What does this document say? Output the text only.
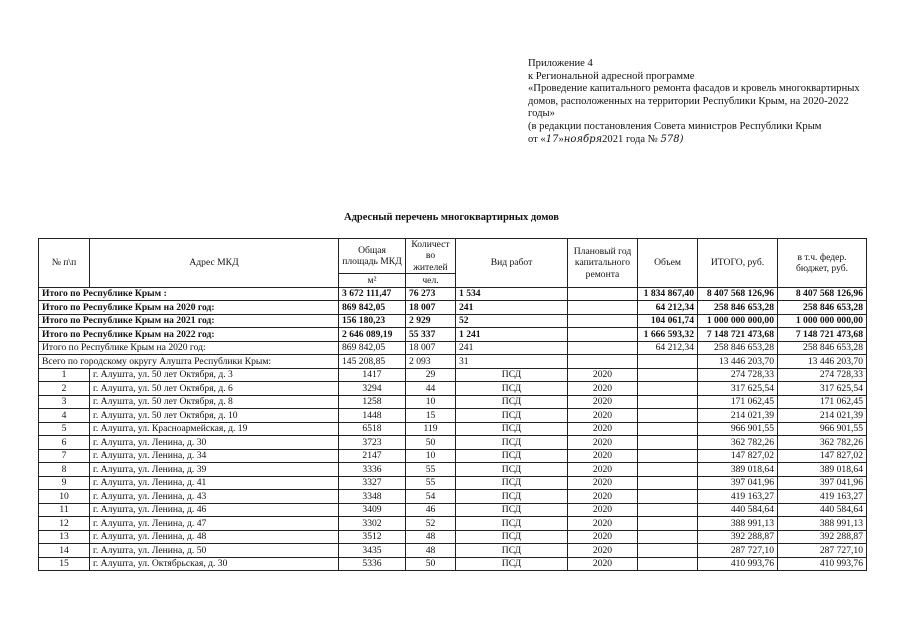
Приложение 4
к Региональной адресной программе
«Проведение капитального ремонта фасадов и кровель многоквартирных
домов, расположенных на территории Республики Крым, на 2020-2022
годы»
(в редакции постановления Совета министров Республики Крым
от «17»ноября2021 года № 578)
Адресный перечень многоквартирных домов
№ п\п	Адрес МКД	Общая площадь МКД	Количест во жителей	Вид работ	Плановый год капитального ремонта	Объем	ИТОГО, руб.	в т.ч. федер. бюджет, руб.
		м²	чел.					
Итого по Республике Крым :		3 672 111,47	76 273	1 534		1 834 867,40	8 407 568 126,96	8 407 568 126,96
Итого по Республике Крым на 2020 год:		869 842,05	18 007	241		64 212,34	258 846 653,28	258 846 653,28
Итого по Республике Крым на 2021 год:		156 180,23	2 929	52		104 061,74	1 000 000 000,00	1 000 000 000,00
Итого по Республике Крым на 2022 год:		2 646 089,19	55 337	1 241		1 666 593,32	7 148 721 473,68	7 148 721 473,68
Итого по Республике Крым на 2020 год:		869 842,05	18 007	241		64 212,34	258 846 653,28	258 846 653,28
Всего по городскому округу Алушта Республики Крым:		145 208,85	2 093	31			13 446 203,70	13 446 203,70
1	г. Алушта, ул. 50 лет Октября, д. 3	1417	29	ПСД	2020		274 728,33	274 728,33
2	г. Алушта, ул. 50 лет Октября, д. 6	3294	44	ПСД	2020		317 625,54	317 625,54
3	г. Алушта, ул. 50 лет Октября, д. 8	1258	10	ПСД	2020		171 062,45	171 062,45
4	г. Алушта, ул. 50 лет Октября, д. 10	1448	15	ПСД	2020		214 021,39	214 021,39
5	г. Алушта, ул. Красноармейская, д. 19	6518	119	ПСД	2020		966 901,55	966 901,55
6	г. Алушта, ул. Ленина, д. 30	3723	50	ПСД	2020		362 782,26	362 782,26
7	г. Алушта, ул. Ленина, д. 34	2147	10	ПСД	2020		147 827,02	147 827,02
8	г. Алушта, ул. Ленина, д. 39	3336	55	ПСД	2020		389 018,64	389 018,64
9	г. Алушта, ул. Ленина, д. 41	3327	55	ПСД	2020		397 041,96	397 041,96
10	г. Алушта, ул. Ленина, д. 43	3348	54	ПСД	2020		419 163,27	419 163,27
11	г. Алушта, ул. Ленина, д. 46	3409	46	ПСД	2020		440 584,64	440 584,64
12	г. Алушта, ул. Ленина, д. 47	3302	52	ПСД	2020		388 991,13	388 991,13
13	г. Алушта, ул. Ленина, д. 48	3512	48	ПСД	2020		392 288,87	392 288,87
14	г. Алушта, ул. Ленина, д. 50	3435	48	ПСД	2020		287 727,10	287 727,10
15	г. Алушта, ул. Октябрьская, д. 30	5336	50	ПСД	2020		410 993,76	410 993,76
